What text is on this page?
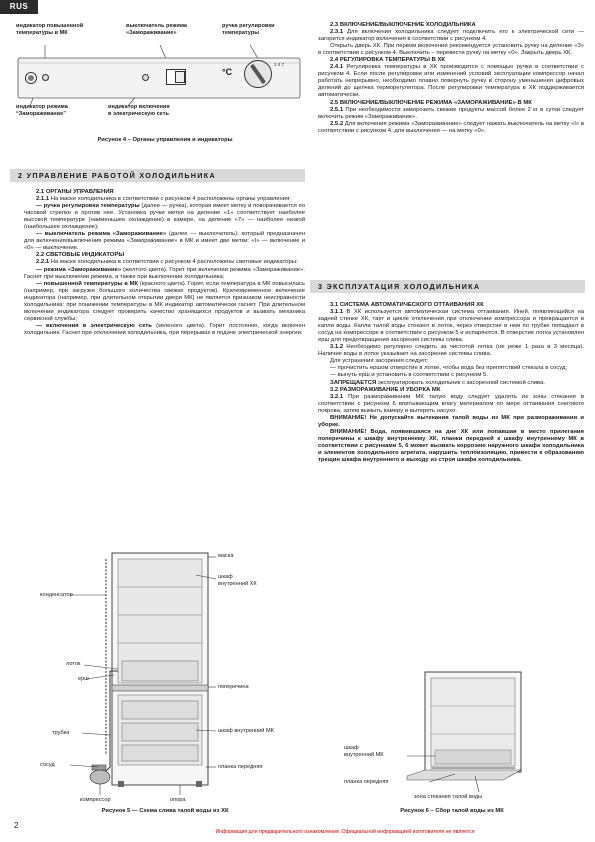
RUS
индикатор повышенной
температуры в МК
выключатель режима
«Замораживание»
ручка регулировки
температуры
°C
1 4 7
индикатор режима
“Замораживание”
индикатор включения
в электрическую сеть
Рисунок 4 – Органы управления и индикаторы
2 УПРАВЛЕНИЕ РАБОТОЙ ХОЛОДИЛЬНИКА

2.1 ОРГАНЫ УПРАВЛЕНИЯ

2.1.1 На маске холодильника в соответствии с рисунком 4 расположены органы управления:

— ручка регулировки температуры (далее — ручка), которая имеет метку и поворачивается по часовой стрелке и против нее. Установка ручки метки на деление «1» соответствует наиболее высокой температуре (наименьшее охлаждение) в камере, на деление «7» — наиболее низкой (наибольшее охлаждение);

— выключатель режима «Замораживание» (далее — выключатель), который предназначен для включения/выключения режима «Замораживание» в МК и имеет две метки: «I» — включение и «0» — выключение.

2.2 СВЕТОВЫЕ ИНДИКАТОРЫ

2.2.1 На маске холодильника в соответствии с рисунком 4 расположены световые индикаторы:

— режима «Замораживание» (желтого цвета). Горит при включении режима «Замораживание». Гаснет при выключении режима, а также при выключении холодильника;

— повышенной температуры в МК (красного цвета). Горит, если температура в МК повысилась (например, при загрузке большого количества свежих продуктов). Кратковременное включение индикатора (например, при длительном открытии двери МК) не является признаком неисправности холодильника: при понижении температуры в МК индикатор автоматически гаснет. При длительном включении индикатора следует проверить качество хранящихся продуктов и вызвать механика сервисной службы;

— включения в электрическую сеть (зеленого цвета). Горит постоянно, когда включен холодильник. Гаснет при отключении холодильника, при перерывах в подаче электрической энергии.

маска
шкаф
внутренний ХК
конденсатор
лоток
ерш
поперечина
трубка	шкаф внутренний МК
сосуд	планка передняя
компрессор	опора
Рисунок 5 — Схема слива талой воды из ХК

2.3 ВКЛЮЧЕНИЕ/ВЫКЛЮЧЕНИЕ ХОЛОДИЛЬНИКА

2.3.1 Для включения холодильника следует подключить его к электрической сети — загорится индикатор включения в соответствии с рисунком 4.

Открыть дверь ХК. При первом включении рекомендуется установить ручку на деление «3» в соответствии с рисунком 4. Выключить – перевести ручку на метку «0». Закрыть дверь ХК.

2.4 РЕГУЛИРОВКА ТЕМПЕРАТУРЫ В ХК

2.4.1 Регулировка температуры в ХК производится с помощью ручки в соответствии с рисунком 4. Если после регулировки или изменений условий эксплуатации компрессор начал работать непрерывно, необходимо плавно повернуть ручку в сторону уменьшения цифровых делений до щелчка терморегулятора. После регулировки температура в ХК поддерживается автоматически.

2.5 ВКЛЮЧЕНИЕ/ВЫКЛЮЧЕНИЕ РЕЖИМА «ЗАМОРАЖИВАНИЕ» В МК

2.5.1 При необходимости заморозить свежие продукты массой более 2 кг в сутки следует включить режим «Замораживание».

2.5.2 Для включения режима «Замораживание» следует нажать выключатель на метку «I» в соответствии с рисунком 4, для выключения — на метку «0».

3 ЭКСПЛУАТАЦИЯ ХОЛОДИЛЬНИКА

3.1 СИСТЕМА АВТОМАТИЧЕСКОГО ОТТАИВАНИЯ ХК

3.1.1 В ХК используется автоматическая система оттаивания. Иней, появляющийся на задней стенке ХК, тает в цикле отключения при отключении компрессора и превращается в капли воды. Капли талой воды стекают в лоток, через отверстие в нем по трубке попадают в сосуд на компрессоре в соответствии с рисунком 5 и испаряются. В отверстие лотка установлен ерш для предотвращения засорения системы слива.

3.1.2 Необходимо регулярно следить за чистотой лотка (не реже 1 раза в 3 месяца). Наличие воды в лотке указывает на засорение системы слива.

Для устранения засорения следует:

— прочистить ершом отверстие в лотке, чтобы вода без препятствий стекала в сосуд;

— вынуть ерш и установить в соответствии с рисунком 5.

ЗАПРЕЩАЕТСЯ эксплуатировать холодильник с засоренной системой слива.

3.2 РАЗМОРАЖИВАНИЕ И УБОРКА МК

3.2.1 При размораживании МК талую воду следует удалять из зоны стекания в соответствии с рисунком 6 впитывающим влагу материалом по мере оттаивания снегового покрова, затем вымыть камеру и вытереть насухо.

ВНИМАНИЕ! Не допускайте вытекания талой воды из МК при размораживании и уборке.

ВНИМАНИЕ! Вода, появившаяся на дне ХК или попавшая в место прилегания поперечины к шкафу внутреннему ХК, планки передней к шкафу внутреннему МК в соответствии с рисунками 5, 6 может вызвать коррозию наружного шкафа холодильника и элементов холодильного агрегата, нарушить теплоизоляцию, привести к образованию трещин шкафа внутреннего и выходу из строя шкафа холодильника.

шкаф
внутренний МК
планка передняя
зона стекания талой воды
Рисунок 6 – Сбор талой воды из МК
2
Информация для предварительного ознакомления. Официальной информацией изготовителя не является
